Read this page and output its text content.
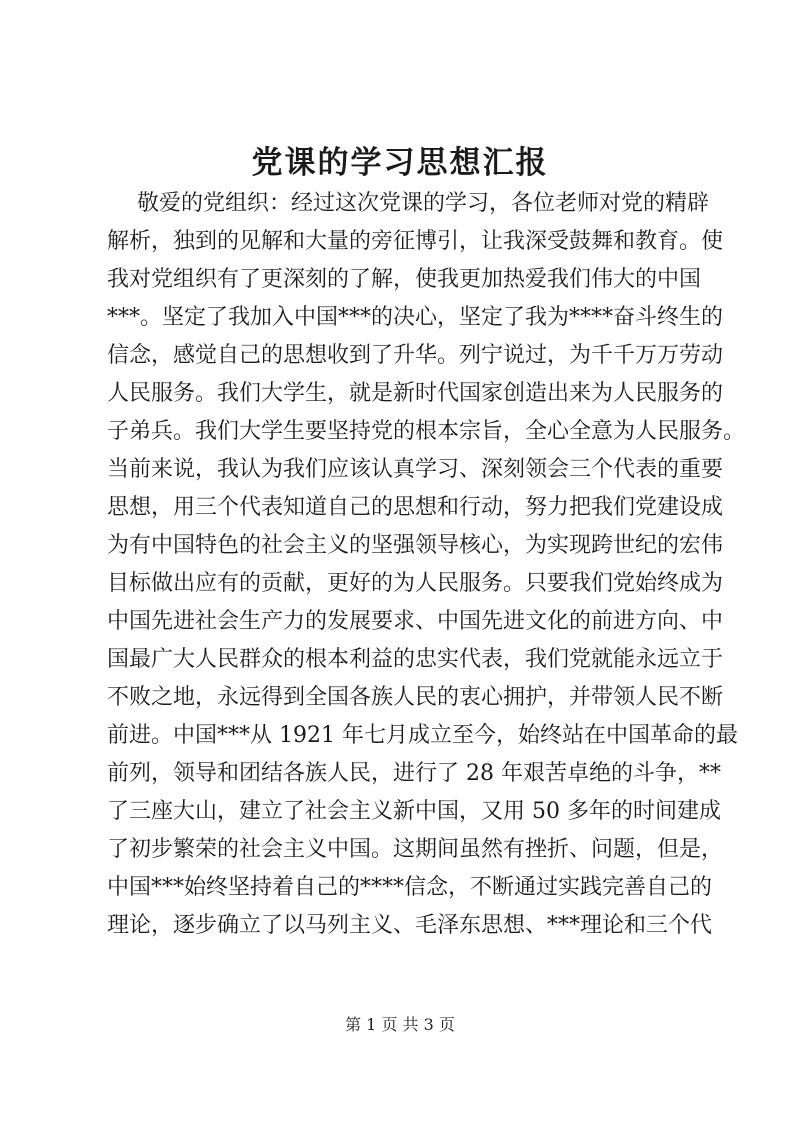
党课的学习思想汇报
敬爱的党组织：经过这次党课的学习，各位老师对党的精辟
解析，独到的见解和大量的旁征博引，让我深受鼓舞和教育。使
我对党组织有了更深刻的了解，使我更加热爱我们伟大的中国
***。坚定了我加入中国***的决心，坚定了我为****奋斗终生的
信念，感觉自己的思想收到了升华。列宁说过，为千千万万劳动
人民服务。我们大学生，就是新时代国家创造出来为人民服务的
子弟兵。我们大学生要坚持党的根本宗旨，全心全意为人民服务。
当前来说，我认为我们应该认真学习、深刻领会三个代表的重要
思想，用三个代表知道自己的思想和行动，努力把我们党建设成
为有中国特色的社会主义的坚强领导核心，为实现跨世纪的宏伟
目标做出应有的贡献，更好的为人民服务。只要我们党始终成为
中国先进社会生产力的发展要求、中国先进文化的前进方向、中
国最广大人民群众的根本利益的忠实代表，我们党就能永远立于
不败之地，永远得到全国各族人民的衷心拥护，并带领人民不断
前进。中国***从 1921 年七月成立至今，始终站在中国革命的最
前列，领导和团结各族人民，进行了 28 年艰苦卓绝的斗争，**
了三座大山，建立了社会主义新中国，又用 50 多年的时间建成
了初步繁荣的社会主义中国。这期间虽然有挫折、问题，但是，
中国***始终坚持着自己的****信念，不断通过实践完善自己的
理论，逐步确立了以马列主义、毛泽东思想、***理论和三个代
第 1 页 共 3 页
